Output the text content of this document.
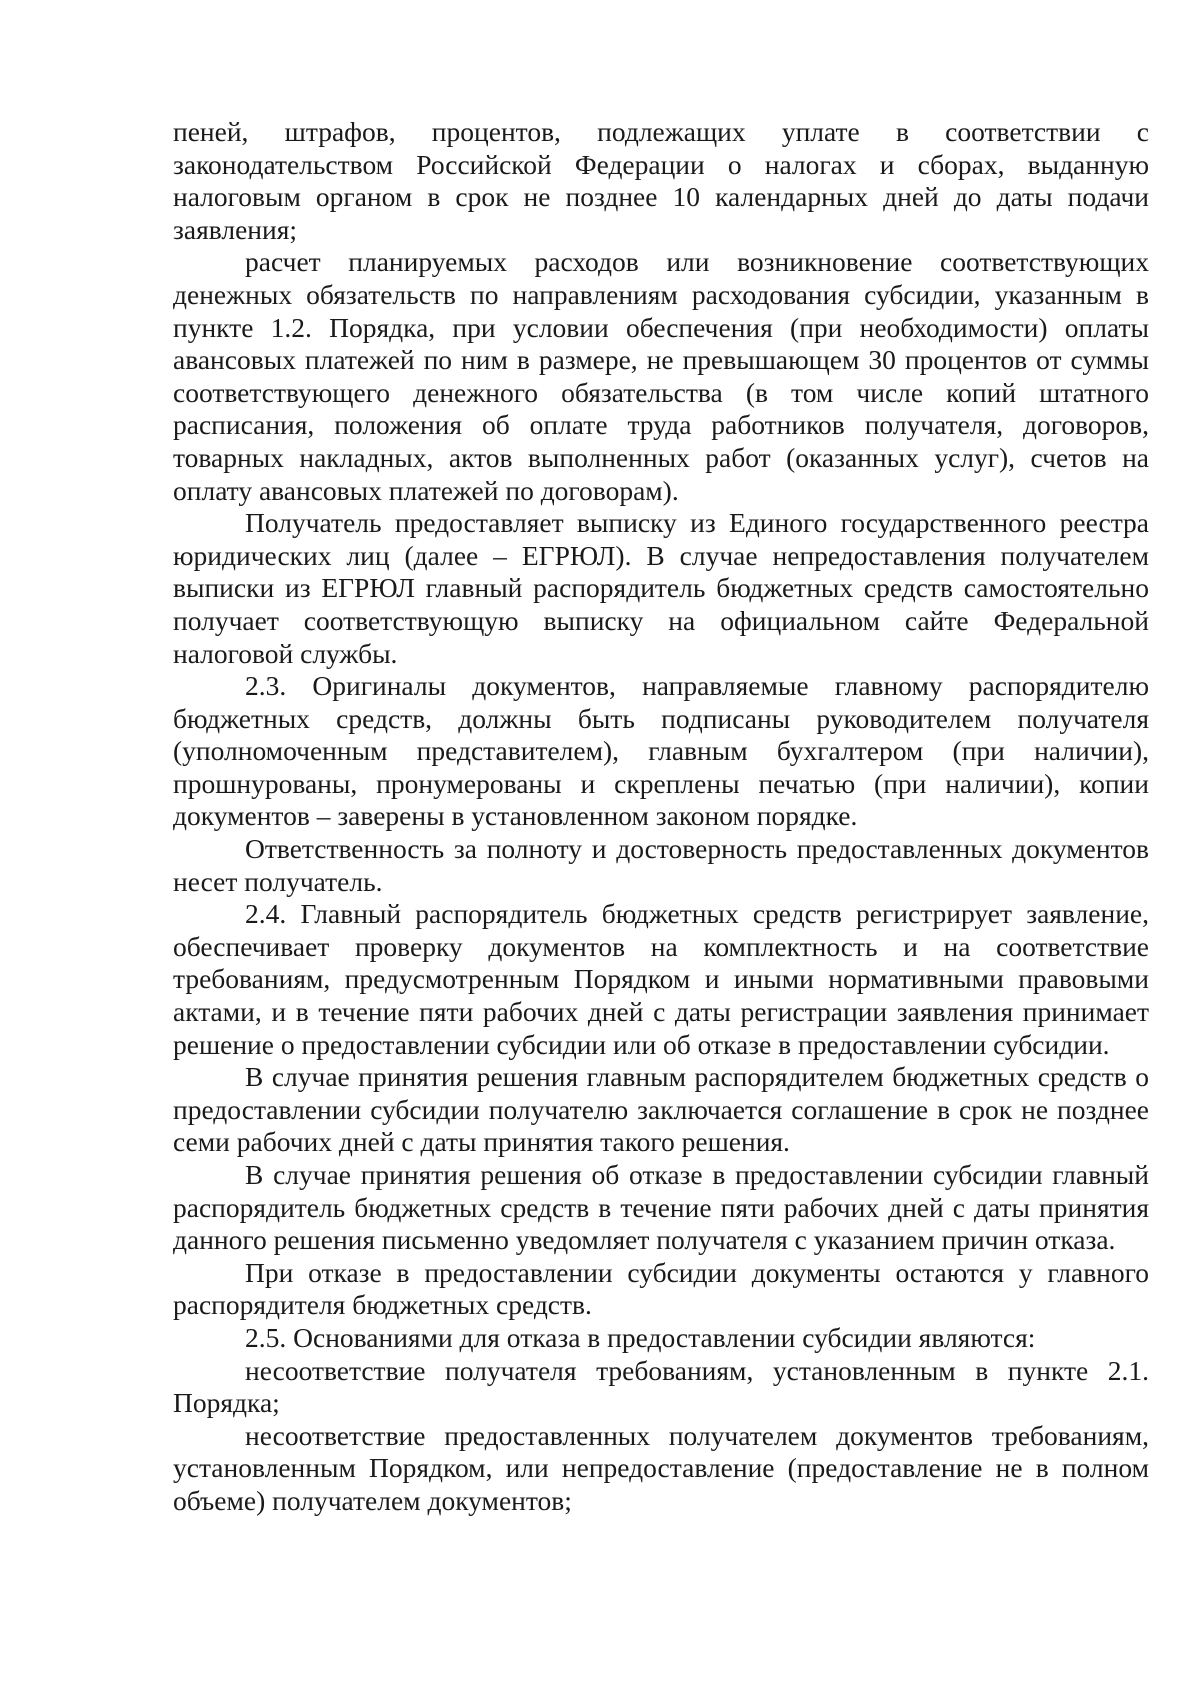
пеней, штрафов, процентов, подлежащих уплате в соответствии с законодательством Российской Федерации о налогах и сборах, выданную налоговым органом в срок не позднее 10 календарных дней до даты подачи заявления;

расчет планируемых расходов или возникновение соответствующих денежных обязательств по направлениям расходования субсидии, указанным в пункте 1.2. Порядка, при условии обеспечения (при необходимости) оплаты авансовых платежей по ним в размере, не превышающем 30 процентов от суммы соответствующего денежного обязательства (в том числе копий штатного расписания, положения об оплате труда работников получателя, договоров, товарных накладных, актов выполненных работ (оказанных услуг), счетов на оплату авансовых платежей по договорам).

Получатель предоставляет выписку из Единого государственного реестра юридических лиц (далее – ЕГРЮЛ). В случае непредоставления получателем выписки из ЕГРЮЛ главный распорядитель бюджетных средств самостоятельно получает соответствующую выписку на официальном сайте Федеральной налоговой службы.

2.3. Оригиналы документов, направляемые главному распорядителю бюджетных средств, должны быть подписаны руководителем получателя (уполномоченным представителем), главным бухгалтером (при наличии), прошнурованы, пронумерованы и скреплены печатью (при наличии), копии документов – заверены в установленном законом порядке.

Ответственность за полноту и достоверность предоставленных документов несет получатель.

2.4. Главный распорядитель бюджетных средств регистрирует заявление, обеспечивает проверку документов на комплектность и на соответствие требованиям, предусмотренным Порядком и иными нормативными правовыми актами, и в течение пяти рабочих дней с даты регистрации заявления принимает решение о предоставлении субсидии или об отказе в предоставлении субсидии.

В случае принятия решения главным распорядителем бюджетных средств о предоставлении субсидии получателю заключается соглашение в срок не позднее семи рабочих дней с даты принятия такого решения.

В случае принятия решения об отказе в предоставлении субсидии главный распорядитель бюджетных средств в течение пяти рабочих дней с даты принятия данного решения письменно уведомляет получателя с указанием причин отказа.

При отказе в предоставлении субсидии документы остаются у главного распорядителя бюджетных средств.

2.5. Основаниями для отказа в предоставлении субсидии являются:

несоответствие получателя требованиям, установленным в пункте 2.1. Порядка;

несоответствие предоставленных получателем документов требованиям, установленным Порядком, или непредоставление (предоставление не в полном объеме) получателем документов;
